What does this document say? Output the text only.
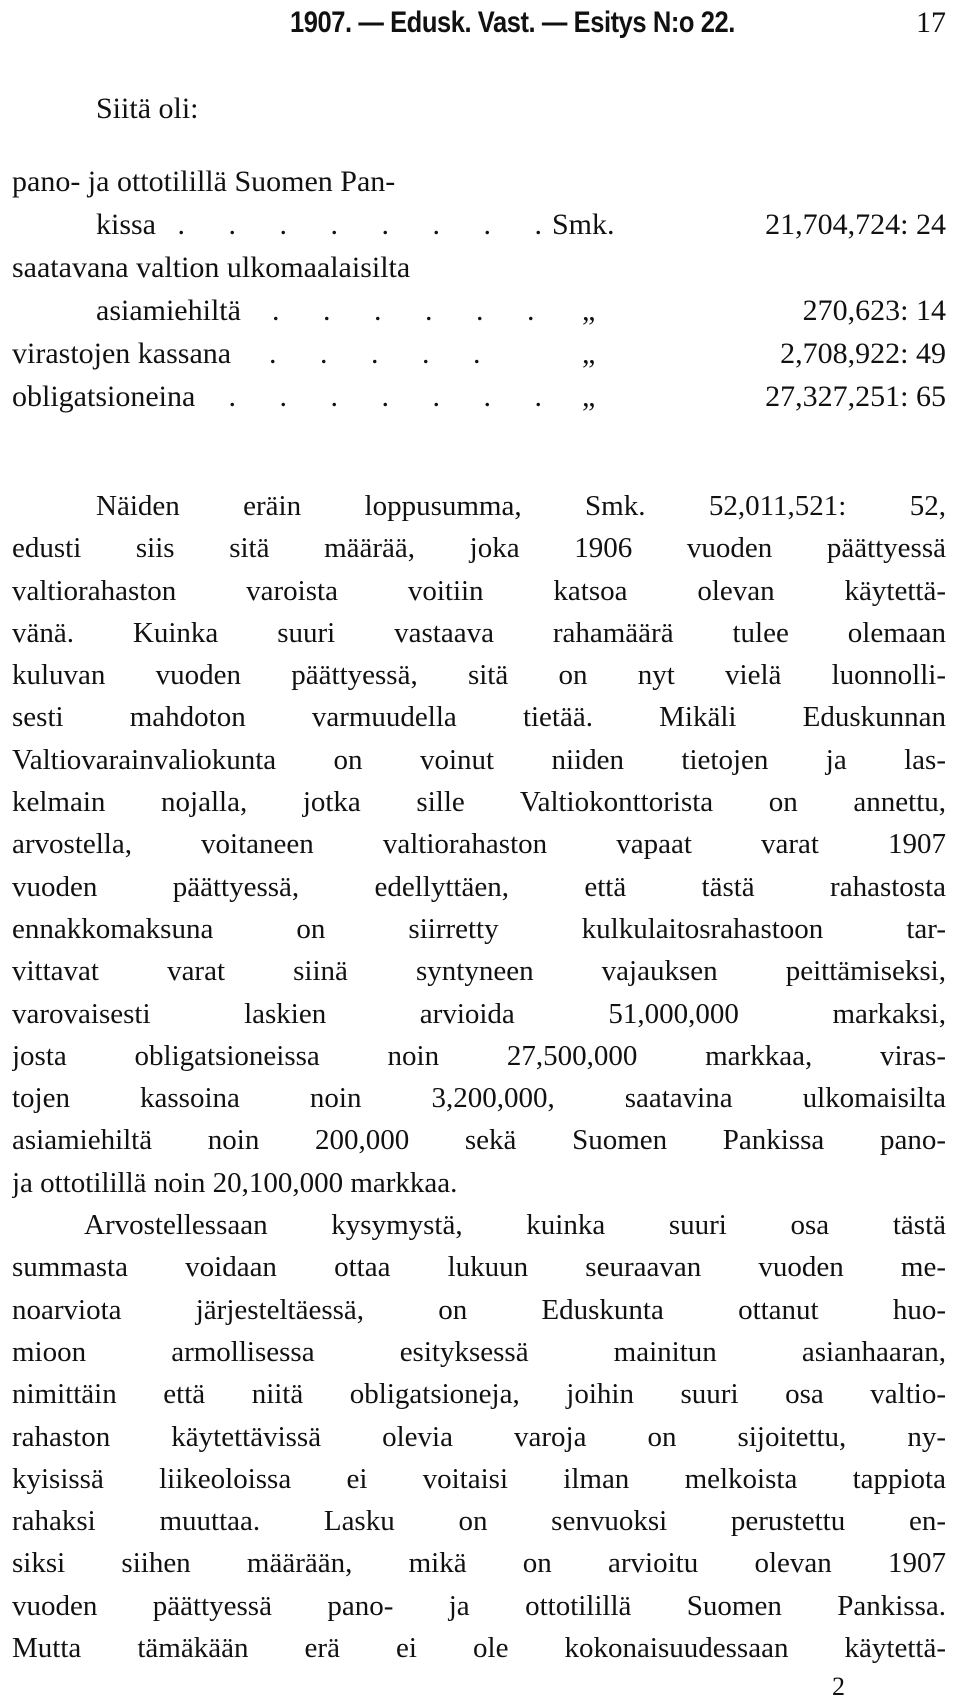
1907. — Edusk. Vast. — Esitys N:o 22.	17
Siitä oli:
pano- ja ottotilillä Suomen Pan-
kissa . . . . . . . .
Smk.	21,704,724: 24
saatavana valtion ulkomaalaisilta
asiamiehiltä . . . . . . „	270,623: 14
virastojen kassana . . . . .	„	2,708,922: 49
obligatsioneina . . . . . . . „	27,327,251: 65
Näiden eräin loppusumma, Smk. 52,011,521: 52,
edusti siis sitä määrää, joka 1906 vuoden päättyessä
valtiorahaston varoista voitiin katsoa olevan käytettä-
vänä. Kuinka suuri vastaava rahamäärä tulee olemaan
kuluvan vuoden päättyessä, sitä on nyt vielä luonnolli-
sesti mahdoton varmuudella tietää. Mikäli Eduskunnan
Valtiovarainvaliokunta on voinut niiden tietojen ja las-
kelmain nojalla, jotka sille Valtiokonttorista on annettu,
arvostella, voitaneen valtiorahaston vapaat varat 1907
vuoden päättyessä, edellyttäen, että tästä rahastosta
ennakkomaksuna on siirretty kulkulaitosrahastoon tar-
vittavat varat siinä syntyneen vajauksen peittämiseksi,
varovaisesti laskien arvioida 51,000,000 markaksi,
josta obligatsioneissa noin 27,500,000 markkaa, viras-
tojen kassoina noin 3,200,000, saatavina ulkomaisilta
asiamiehiltä noin 200,000 sekä Suomen Pankissa pano-
ja ottotilillä noin 20,100,000 markkaa.
Arvostellessaan kysymystä, kuinka suuri osa tästä
summasta voidaan ottaa lukuun seuraavan vuoden me-
noarviota järjesteltäessä, on Eduskunta ottanut huo-
mioon armollisessa esityksessä mainitun asianhaaran,
nimittäin että niitä obligatsioneja, joihin suuri osa valtio-
rahaston käytettävissä olevia varoja on sijoitettu, ny-
kyisissä liikeoloissa ei voitaisi ilman melkoista tappiota
rahaksi muuttaa. Lasku on senvuoksi perustettu en-
siksi siihen määrään, mikä on arvioitu olevan 1907
vuoden päättyessä pano- ja ottotilillä Suomen Pankissa.
Mutta tämäkään erä ei ole kokonaisuudessaan käytettä-
2
